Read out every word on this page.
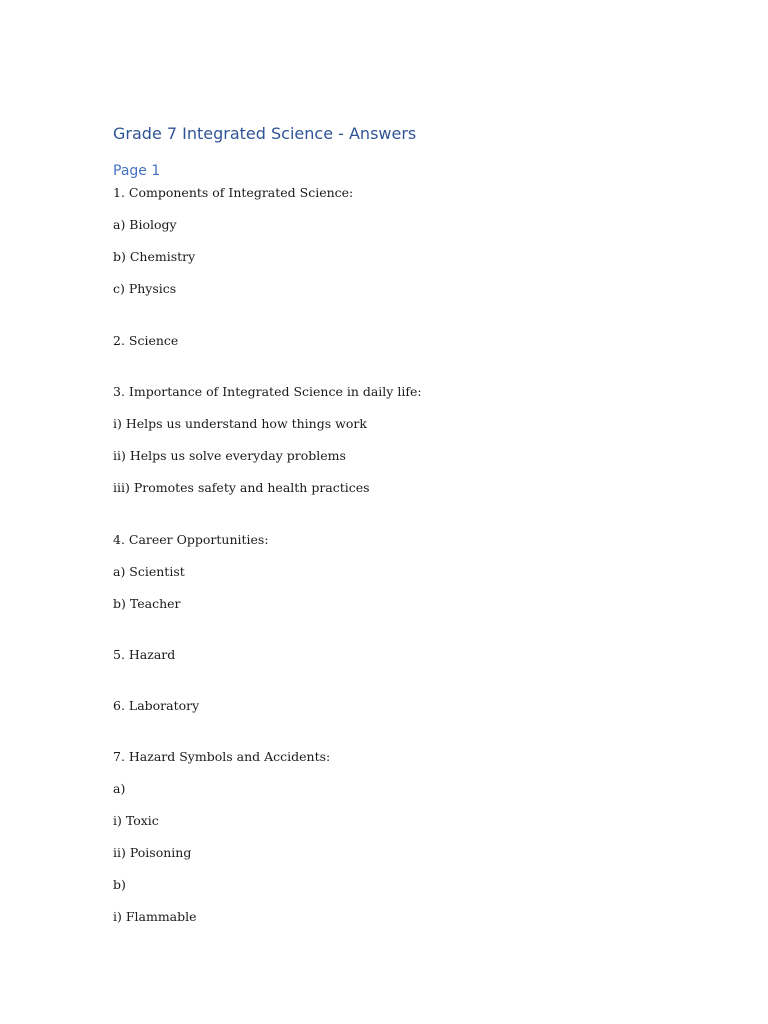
Grade 7 Integrated Science - Answers
Page 1

1. Components of Integrated Science:

a) Biology

b) Chemistry

c) Physics

2. Science

3. Importance of Integrated Science in daily life:

i) Helps us understand how things work

ii) Helps us solve everyday problems

iii) Promotes safety and health practices

4. Career Opportunities:

a) Scientist

b) Teacher

5. Hazard

6. Laboratory

7. Hazard Symbols and Accidents:

a)

i) Toxic

ii) Poisoning

b)

i) Flammable
